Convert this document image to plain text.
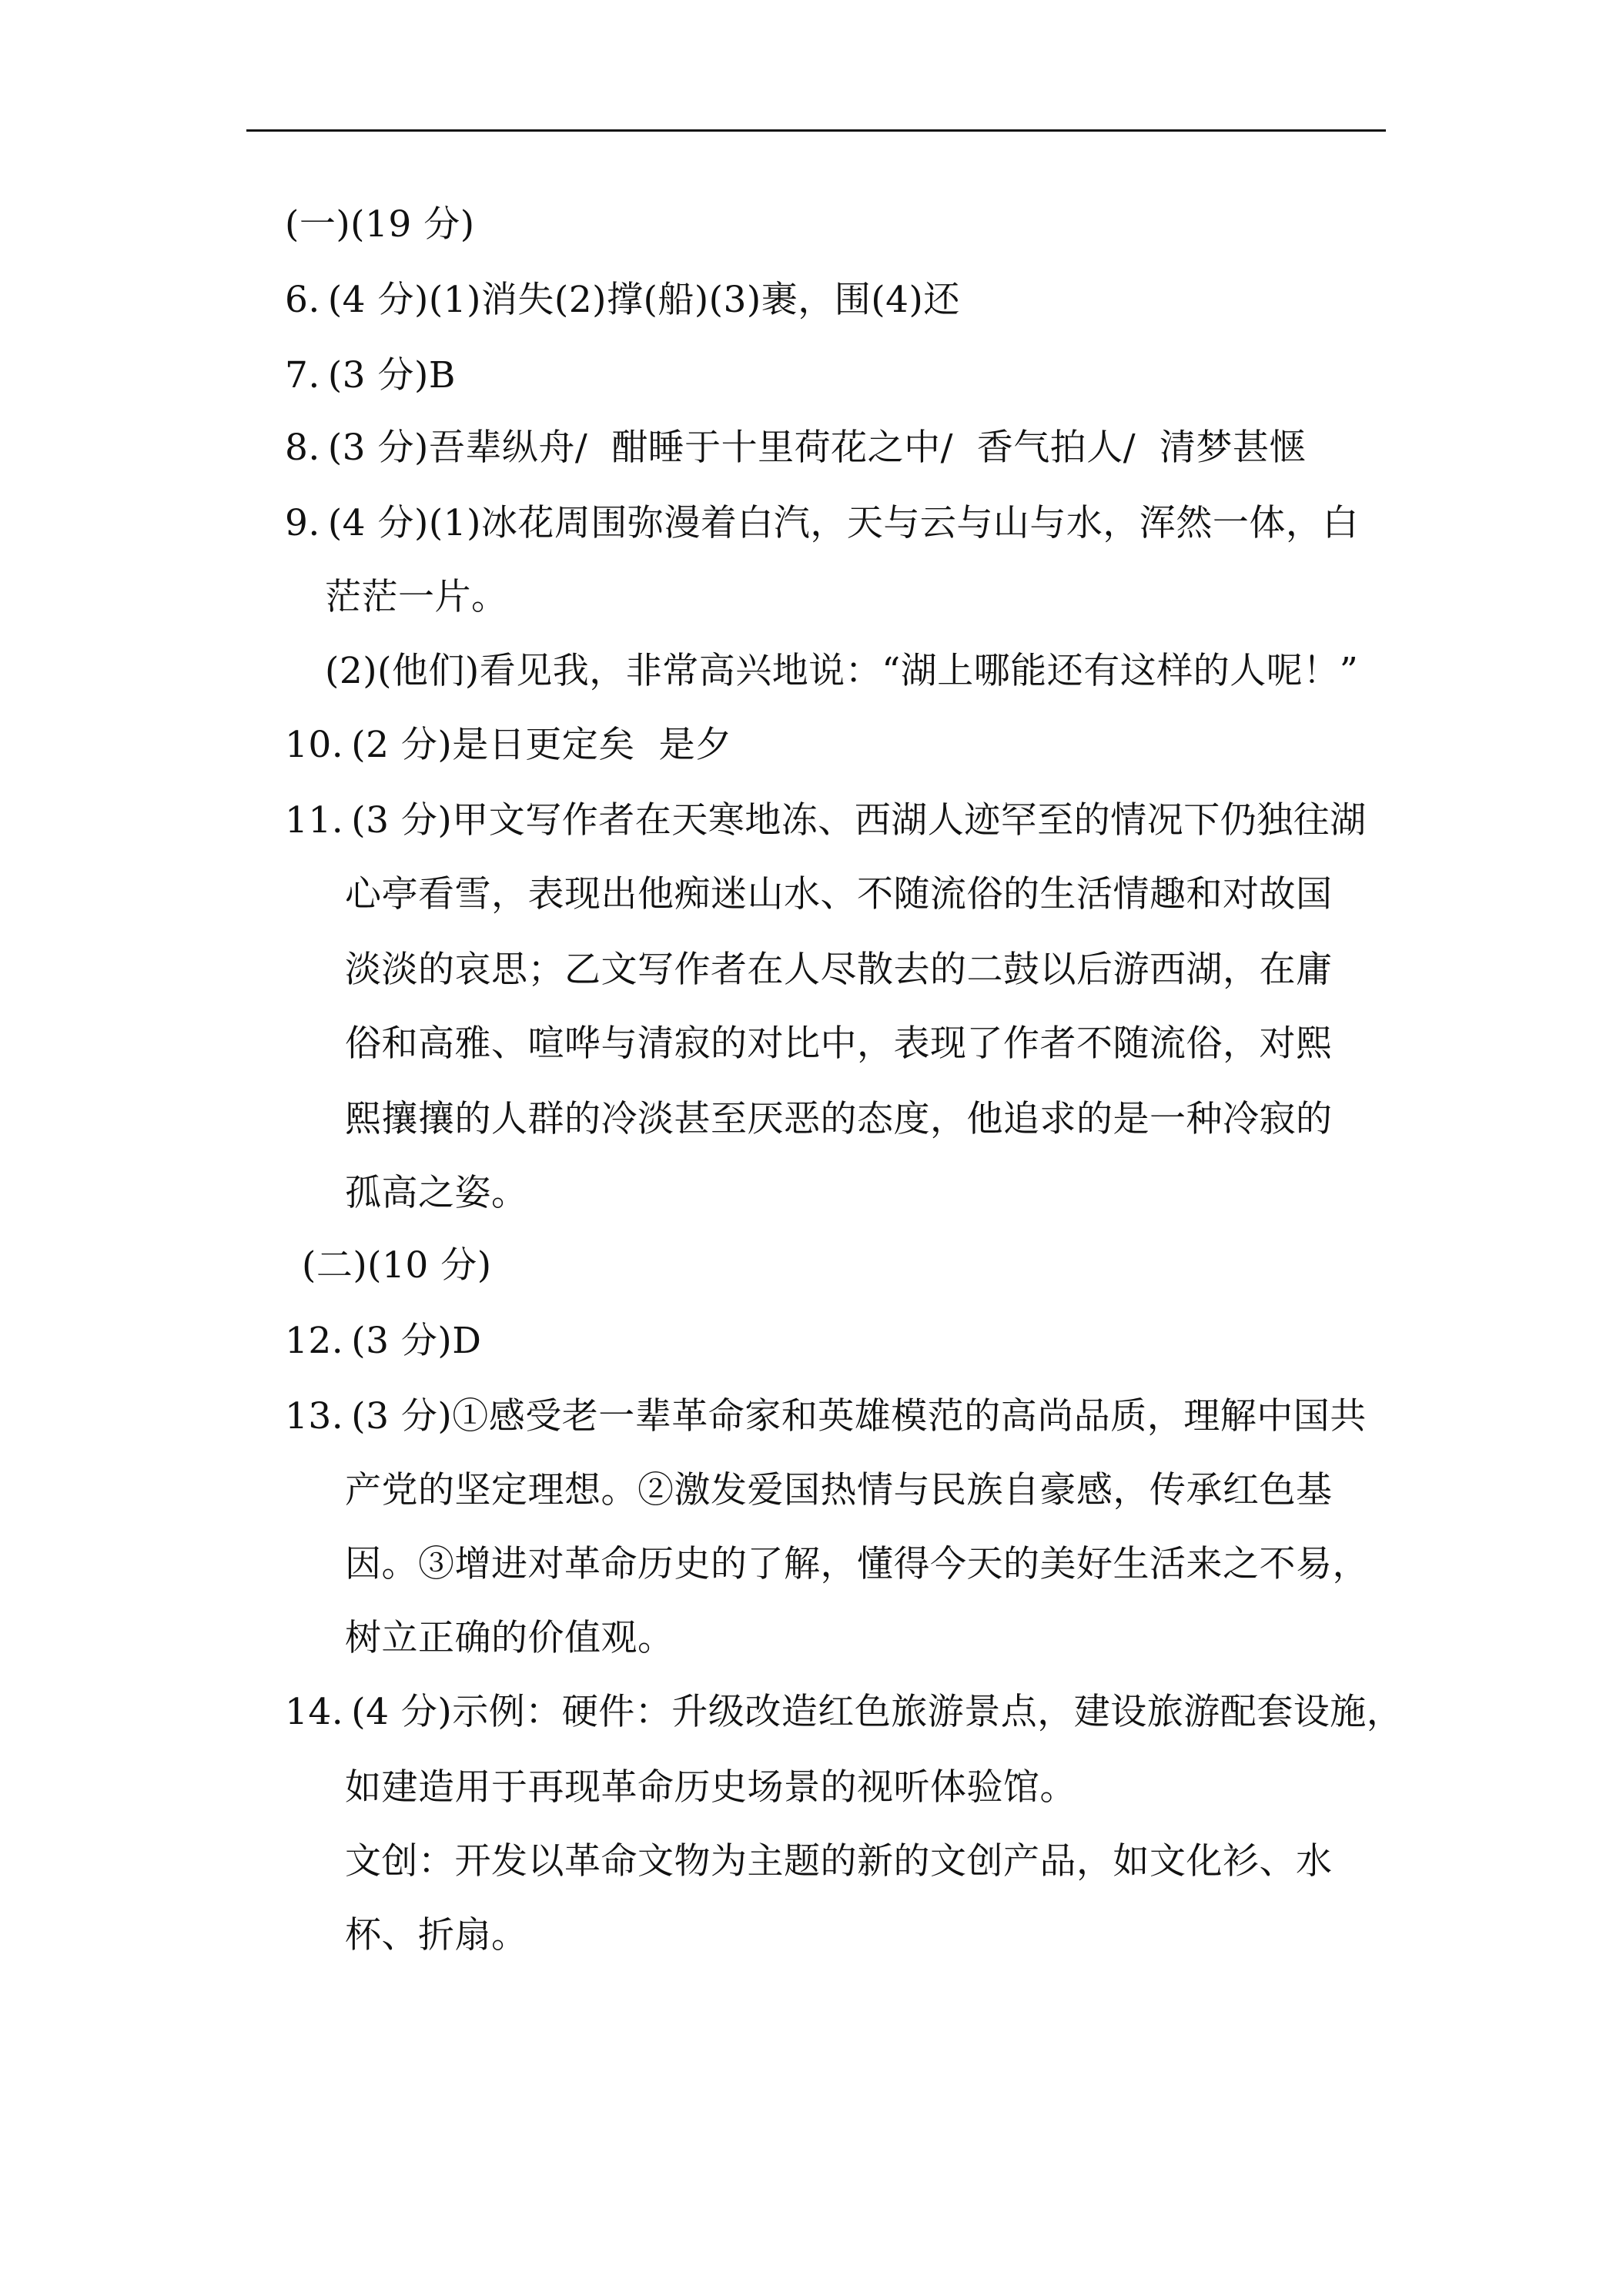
(一)(19 分)
6. (4 分)(1)消失(2)撑(船)(3)裹，围(4)还
7. (3 分)B
8. (3 分)吾辈纵舟/  酣睡于十里荷花之中/  香气拍人/  清梦甚惬
9. (4 分)(1)冰花周围弥漫着白汽，天与云与山与水，浑然一体，白
茫茫一片。
(2)(他们)看见我，非常高兴地说：“湖上哪能还有这样的人呢！”
10. (2 分)是日更定矣  是夕
11. (3 分)甲文写作者在天寒地冻、西湖人迹罕至的情况下仍独往湖
心亭看雪，表现出他痴迷山水、不随流俗的生活情趣和对故国
淡淡的哀思；乙文写作者在人尽散去的二鼓以后游西湖，在庸
俗和高雅、喧哗与清寂的对比中，表现了作者不随流俗，对熙
熙攘攘的人群的冷淡甚至厌恶的态度，他追求的是一种冷寂的
孤高之姿。
(二)(10 分)
12. (3 分)D
13. (3 分)①感受老一辈革命家和英雄模范的高尚品质，理解中国共
产党的坚定理想。②激发爱国热情与民族自豪感，传承红色基
因。③增进对革命历史的了解，懂得今天的美好生活来之不易，
树立正确的价值观。
14. (4 分)示例：硬件：升级改造红色旅游景点，建设旅游配套设施，
如建造用于再现革命历史场景的视听体验馆。
文创：开发以革命文物为主题的新的文创产品，如文化衫、水
杯、折扇。
